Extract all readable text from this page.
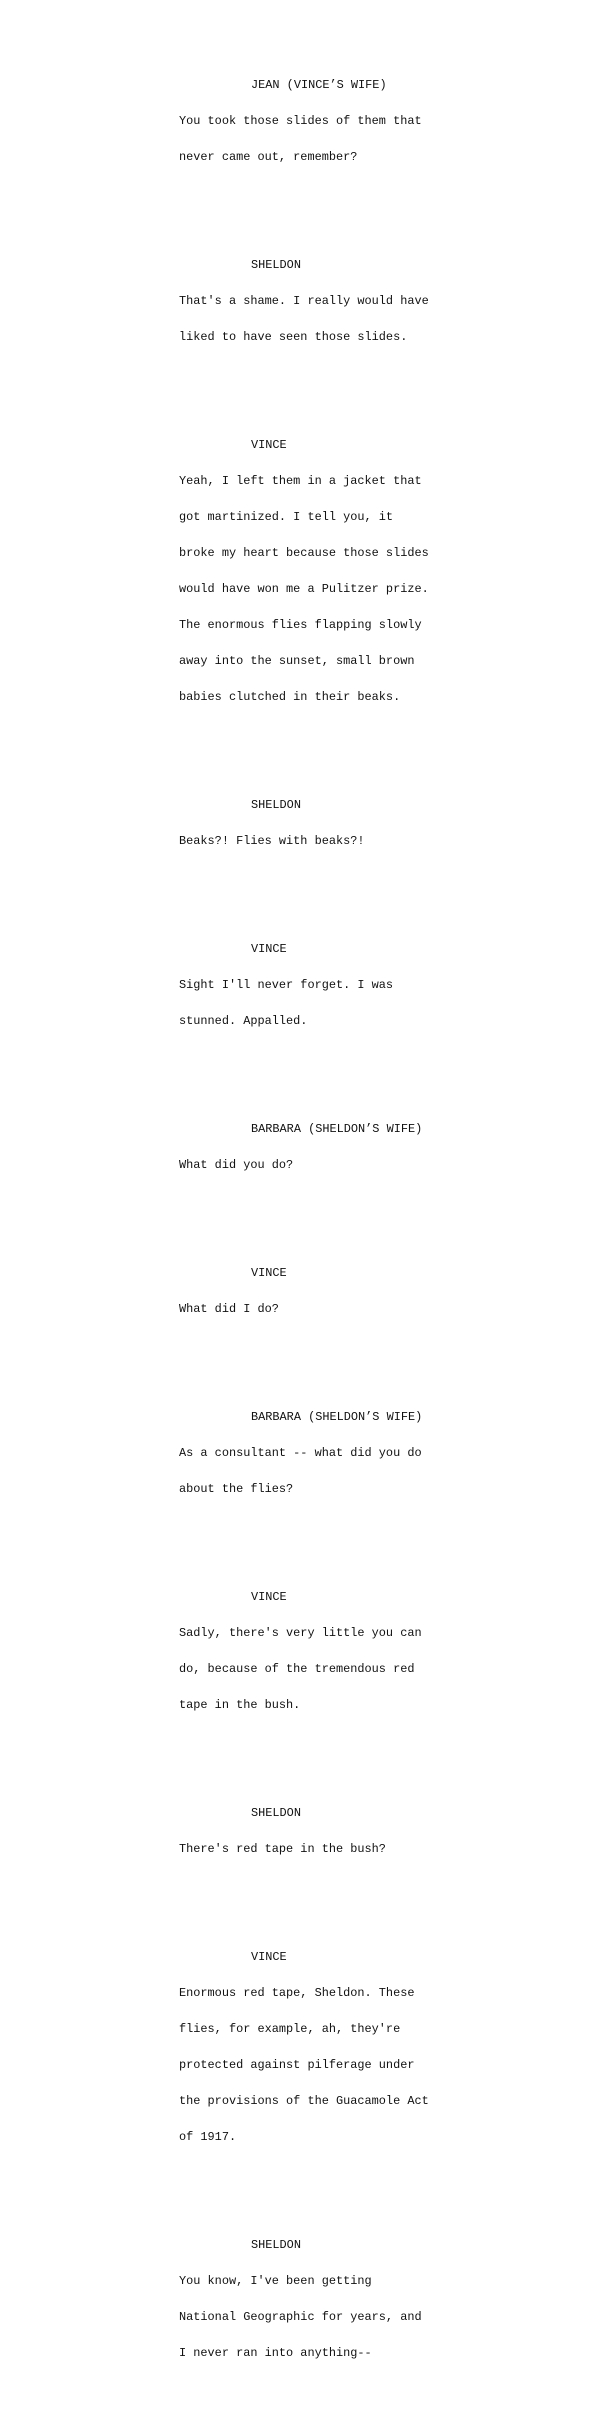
JEAN (VINCE’S WIFE)

You took those slides of them that

never came out, remember?

SHELDON

That's a shame. I really would have

liked to have seen those slides.

VINCE

Yeah, I left them in a jacket that

got martinized. I tell you, it

broke my heart because those slides

would have won me a Pulitzer prize.

The enormous flies flapping slowly

away into the sunset, small brown

babies clutched in their beaks.

SHELDON

Beaks?! Flies with beaks?!

VINCE

Sight I'll never forget. I was

stunned. Appalled.

BARBARA (SHELDON’S WIFE)

What did you do?

VINCE

What did I do?

BARBARA (SHELDON’S WIFE)

As a consultant -- what did you do

about the flies?

VINCE

Sadly, there's very little you can

do, because of the tremendous red

tape in the bush.

SHELDON

There's red tape in the bush?

VINCE

Enormous red tape, Sheldon. These

flies, for example, ah, they're

protected against pilferage under

the provisions of the Guacamole Act

of 1917.

SHELDON

You know, I've been getting

National Geographic for years, and

I never ran into anything--
